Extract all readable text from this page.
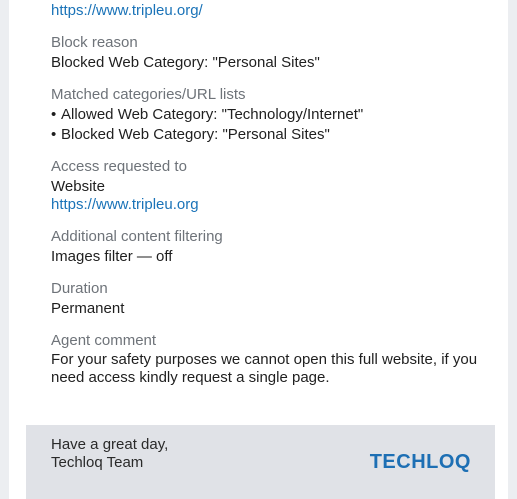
https://www.tripleu.org/
Block reason
Blocked Web Category: "Personal Sites"
Matched categories/URL lists
• Allowed Web Category: "Technology/Internet"
• Blocked Web Category: "Personal Sites"
Access requested to
Website
https://www.tripleu.org
Additional content filtering
Images filter — off
Duration
Permanent
Agent comment
For your safety purposes we cannot open this full website, if you need access kindly request a single page.
Have a great day,
Techloq Team	TECHLOQ
